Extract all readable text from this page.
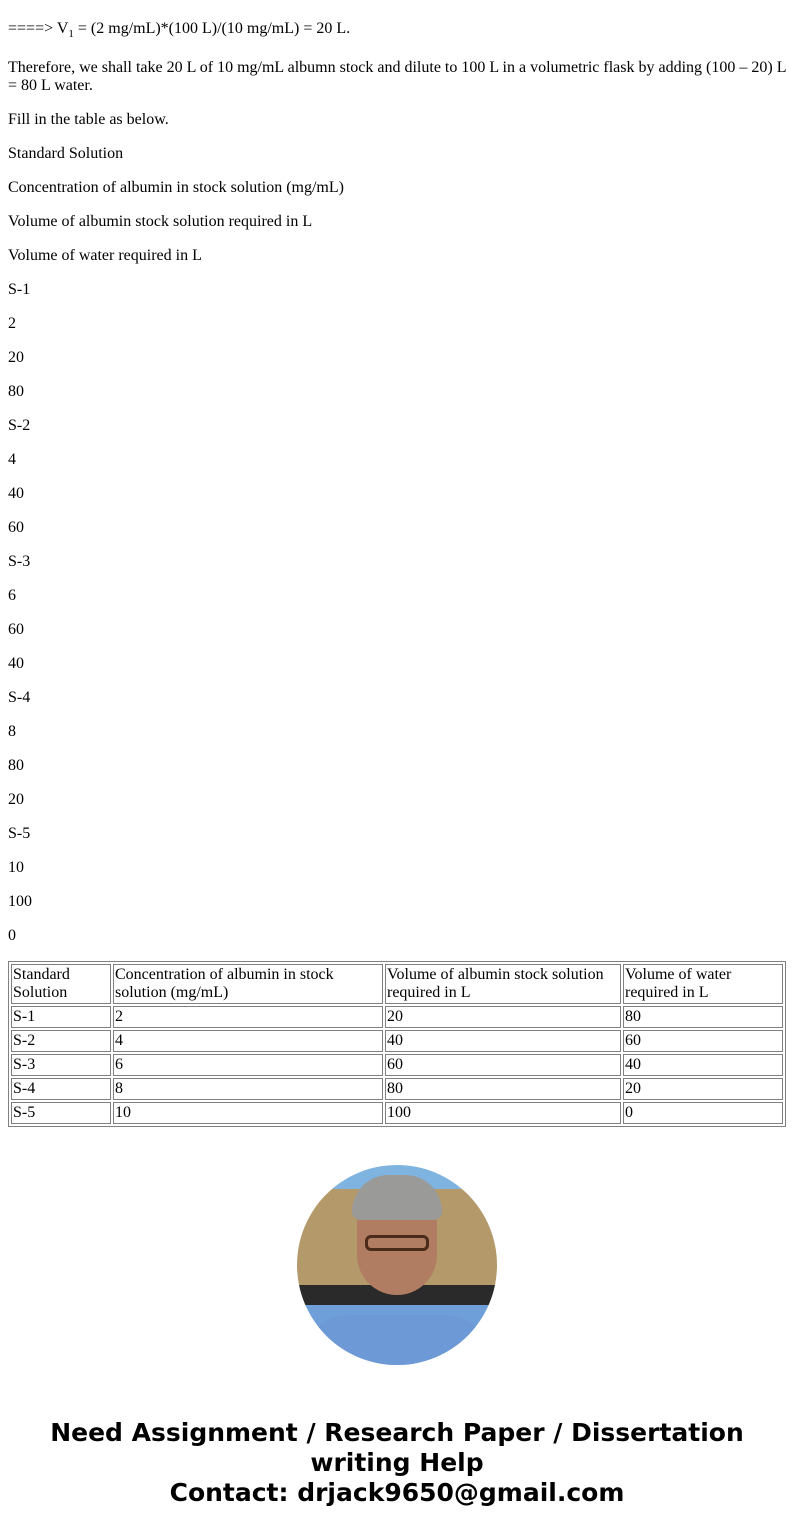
====> $V_1 = (2$ mg/mL)*(100 L)/(10 mg/mL) = 20 L.

Therefore, we shall take 20 L of 10 mg/mL albumn stock and dilute to 100 L in a volumetric flask by adding (100 – 20) L = 80 L water.

Fill in the table as below.

Standard Solution

Concentration of albumin in stock solution (mg/mL)

Volume of albumin stock solution required in L

Volume of water required in L

S-1

2

20

80

S-2

4

40

60

S-3

6

60

40

S-4

8

80

20

S-5

10

100

0

Standard Solution	Concentration of albumin in stock solution (mg/mL)	Volume of albumin stock solution required in L	Volume of water required in L
S-1	2	20	80
S-2	4	40	60
S-3	6	60	40
S-4	8	80	20
S-5	10	100	0
Need Assignment / Research Paper / Dissertation writing Help
Contact: drjack9650@gmail.com
